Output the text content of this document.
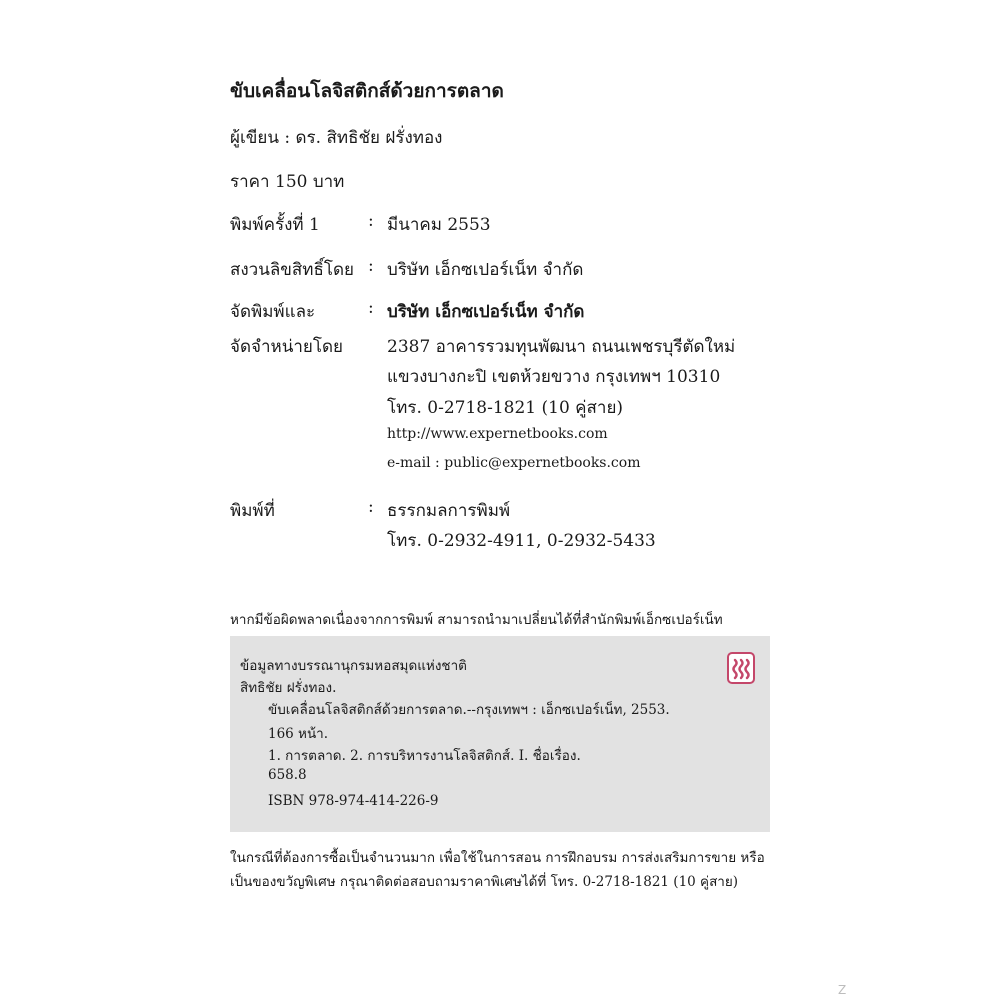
ขับเคลื่อนโลจิสติกส์ด้วยการตลาด
ผู้เขียน : ดร. สิทธิชัย ฝรั่งทอง
ราคา 150 บาท
พิมพ์ครั้งที่ 1	: มีนาคม 2553
สงวนลิขสิทธิ์โดย : บริษัท เอ็กซเปอร์เน็ท จำกัด
จัดพิมพ์และ	: บริษัท เอ็กซเปอร์เน็ท จำกัด
จัดจำหน่ายโดย	2387 อาคารรวมทุนพัฒนา ถนนเพชรบุรีตัดใหม่
แขวงบางกะปิ เขตห้วยขวาง กรุงเทพฯ 10310
โทร. 0-2718-1821 (10 คู่สาย)
http://www.expernetbooks.com
e-mail : public@expernetbooks.com
พิมพ์ที่	: ธรรกมลการพิมพ์
โทร. 0-2932-4911, 0-2932-5433
หากมีข้อผิดพลาดเนื่องจากการพิมพ์ สามารถนำมาเปลี่ยนได้ที่สำนักพิมพ์เอ็กซเปอร์เน็ท
ข้อมูลทางบรรณานุกรมหอสมุดแห่งชาติ
สิทธิชัย ฝรั่งทอง.
ขับเคลื่อนโลจิสติกส์ด้วยการตลาด.--กรุงเทพฯ : เอ็กซเปอร์เน็ท, 2553.
166 หน้า.
1. การตลาด. 2. การบริหารงานโลจิสติกส์. I. ชื่อเรื่อง.
658.8
ISBN 978-974-414-226-9
ในกรณีที่ต้องการซื้อเป็นจำนวนมาก เพื่อใช้ในการสอน การฝึกอบรม การส่งเสริมการขาย หรือ
เป็นของขวัญพิเศษ กรุณาติดต่อสอบถามราคาพิเศษได้ที่ โทร. 0-2718-1821 (10 คู่สาย)
Z
